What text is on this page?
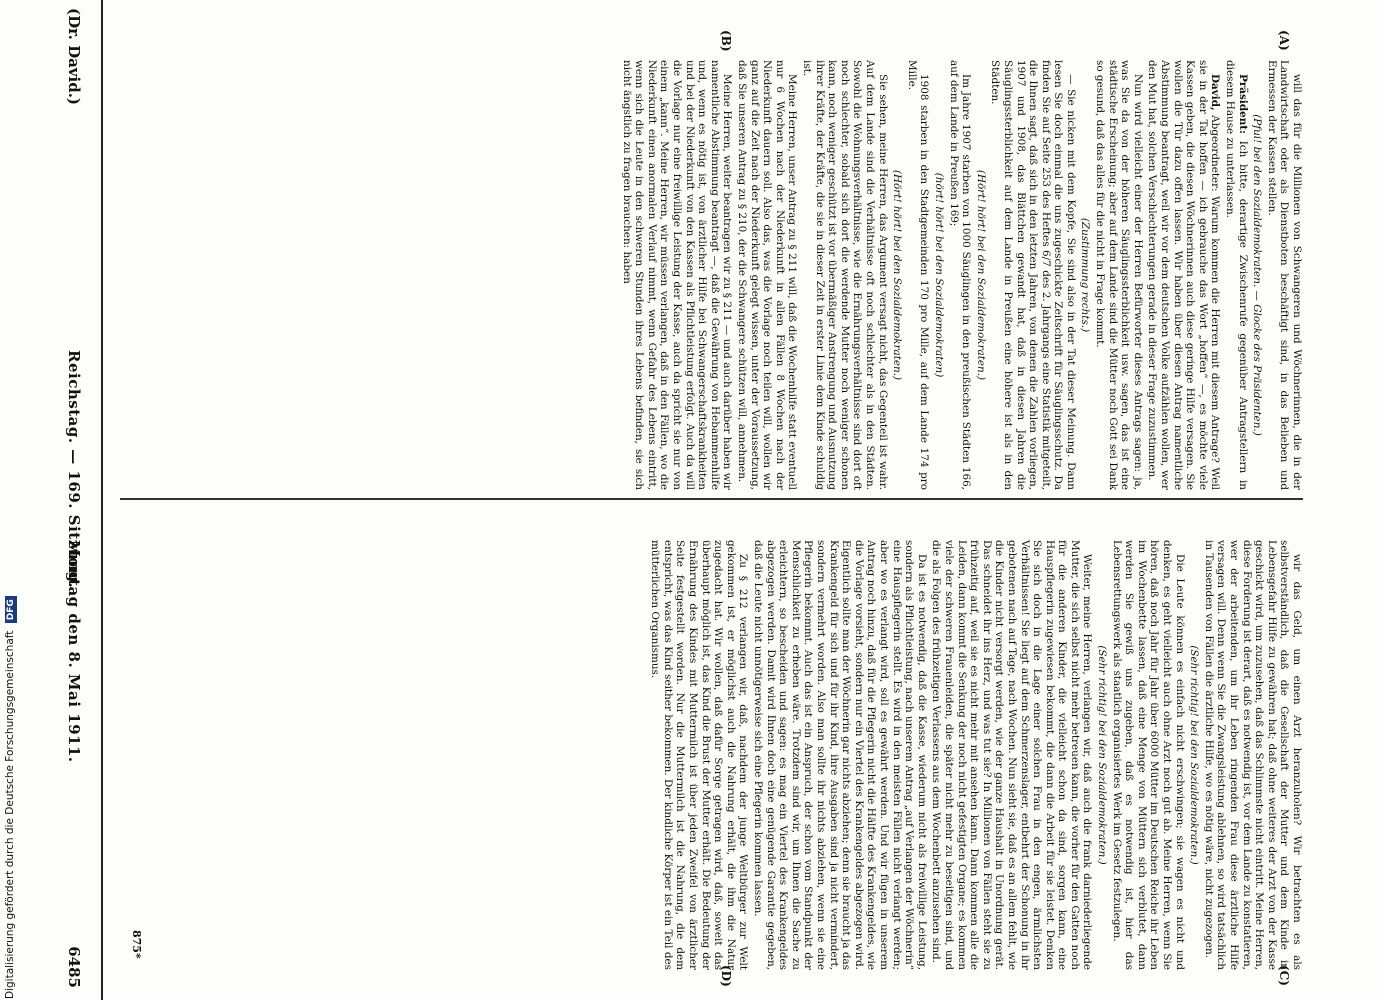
Digitalisierung gefördert durch die Deutsche Forschungsgemeinschaft DFG
(Dr. David.)
Reichstag. — 169. Sitzung.
Montag den 8. Mai 1911.
6485
(A)
(B)
(C)
(D)

will das für die Millionen von Schwangeren und Wöchnerinnen, die in der Landwirtschaft oder als Dienstboten beschäftigt sind, in das Belieben und Ermessen der Kassen stellen.

(Pfui! bei den Sozialdemokraten. — Glocke des Präsidenten.)

Präsident: Ich bitte, derartige Zwischenrufe gegenüber Antragstellern in diesem Hause zu unterlassen.

David, Abgeordneter: Warum kommen die Herren mit diesem Antrage? Weil sie in der Tat hoffen — ich gebrauche das Wort „hoffen“ —, es möchte viele Kassen geben, die diesen Wöchnerinnen auch diese geringe Hilfe versagen. Sie wollen die Tür dazu offen lassen. Wir haben über diesen Antrag namentliche Abstimmung beantragt, weil wir vor dem deutschen Volke aufzählen wollen, wer den Mut hat, solchen Verschlechterungen gerade in dieser Frage zuzustimmen.

Nun wird vielleicht einer der Herren Befürworter dieses Antrags sagen: ja, was Sie da von der höheren Säuglingssterblichkeit usw. sagen, das ist eine städtische Erscheinung; aber auf dem Lande sind die Mütter noch Gott sei Dank so gesund, daß das alles für die nicht in Frage kommt.

(Zustimmung rechts.)

— Sie nicken mit dem Kopfe, Sie sind also in der Tat dieser Meinung. Dann lesen Sie doch einmal die uns zugeschickte Zeitschrift für Säuglingsschutz. Da finden Sie auf Seite 253 des Heftes 6/7 des 2. Jahrgangs eine Statistik mitgeteilt, die Ihnen sagt, daß sich in den letzten Jahren, von denen die Zahlen vorliegen, 1907 und 1908, das Blättchen gewandt hat, daß in diesen Jahren die Säuglingssterblichkeit auf dem Lande in Preußen eine höhere ist als in den Städten.

(Hört! hört! bei den Sozialdemokraten.)

Im Jahre 1907 starben von 1000 Säuglingen in den preußischen Städten 166, auf dem Lande in Preußen 169;

(hört! hört! bei den Sozialdemokraten)

1908 starben in den Stadtgemeinden 170 pro Mille, auf dem Lande 174 pro Mille.

(Hört! hört! bei den Sozialdemokraten.)

Sie sehen, meine Herren, das Argument versagt nicht, das Gegenteil ist wahr. Auf dem Lande sind die Verhältnisse oft noch schlechter als in den Städten. Sowohl die Wohnungsverhältnisse, wie die Ernährungsverhältnisse sind dort oft noch schlechter, sobald sich dort die werdende Mutter noch weniger schonen kann, noch weniger geschützt ist vor übermäßiger Anstrengung und Ausnutzung ihrer Kräfte, der Kräfte, die sie in dieser Zeit in erster Linie dem Kinde schuldig ist.

Meine Herren, unser Antrag zu § 211 will, daß die Wochenhilfe statt eventuell nur 6 Wochen nach der Niederkunft in allen Fällen 8 Wochen nach der Niederkunft dauern soll. Also das, was die Vorlage noch teilen will, wollen wir ganz auf die Zeit nach der Niederkunft gelegt wissen, unter der Voraussetzung, daß Sie unseren Antrag zu § 210, der die Schwangere schützen will, annehmen.

Meine Herren, weiter beantragen wir zu § 211 — und auch darüber haben wir namentliche Abstimmung beantragt —, daß die Gewährung von Hebammenhilfe und, wenn es nötig ist, von ärztlicher Hilfe bei Schwangerschaftskrankheiten und bei der Niederkunft von den Kassen als Pflichtleistung erfolgt. Auch da will die Vorlage nur eine freiwillige Leistung der Kasse, auch da spricht sie nur von einem „kann“. Meine Herren, wir müssen verlangen, daß in den Fällen, wo die Niederkunft einen anormalen Verlauf nimmt, wenn Gefahr des Lebens eintritt, wenn sich die Leute in den schweren Stunden ihres Lebens befinden, sie sich nicht ängstlich zu fragen brauchen: haben

wir das Geld, um einen Arzt heranzuholen? Wir betrachten es als selbstverständlich, daß die Gesellschaft der Mutter und dem Kinde in Lebensgefahr Hilfe zu gewähren hat; daß ohne weiteres der Arzt von der Kasse geschickt wird, um zuzusehen, daß das Schlimmste nicht eintritt. Meine Herren, diese Forderung ist derart, daß es notwendig ist, vor dem Lande zu konstatieren, wer der arbeitenden, um ihr Leben ringenden Frau diese ärztliche Hilfe versagen will. Denn wenn Sie die Zwangsleistung ablehnen, so wird tatsächlich in Tausenden von Fällen die ärztliche Hilfe, wo es nötig wäre, nicht zugezogen.

(Sehr richtig! bei den Sozialdemokraten.)

Die Leute können es einfach nicht erschwingen; sie wagen es nicht und denken, es geht vielleicht auch ohne Arzt noch gut ab. Meine Herren, wenn Sie hören, daß noch Jahr für Jahr über 6000 Mütter im Deutschen Reiche ihr Leben im Wochenbette lassen, daß eine Menge von Müttern sich verblutet, dann werden Sie gewiß uns zugeben, daß es notwendig ist, hier das Lebensrettungswerk als staatlich organisiertes Werk im Gesetz festzulegen.

(Sehr richtig! bei den Sozialdemokraten.)

Weiter, meine Herren, verlangen wir, daß auch die frank darniederliegende Mutter, die sich selbst nicht mehr betreuen kann, die vorher für den Gatten noch für die anderen Kinder, die vielleicht schon da sind, sorgen kann, eine Hauspflegerin zugewiesen bekommt, die dann die Arbeit für sie leistet. Denken Sie sich doch in die Lage einer solchen Frau in den engen, ärmlichsten Verhältnissen! Sie liegt auf dem Schmerzenslager, entbehrt der Schonung in ihr gebotenen nach auf Tage, nach Wochen. Nun sieht sie, daß es an allem fehlt, wie die Kinder nicht versorgt werden, wie der ganze Haushalt in Unordnung gerät. Das schneidet ihr ins Herz, und was tut sie? In Millionen von Fällen steht sie zu frühzeitig auf, weil sie es nicht mehr mit ansehen kann. Dann kommen alle die Leiden, dann kommt die Senkung der noch nicht gefestigten Organe; es kommen viele der schweren Frauenleiden, die später nicht mehr zu beseitigen sind, und die als Folgen des frühzeitigen Verlassens aus dem Wochenbett anzusehen sind.

Da ist es notwendig, daß die Kasse, wiederum nicht als freiwillige Leistung, sondern als Pflichtleistung, nach unserem Antrag „auf Verlangen der Wöchnerin“ eine Hauspflegerin stellt. Es wird in den meisten Fällen nicht verlangt werden; aber wo es verlangt wird, soll es gewährt werden. Und wir fügen in unserem Antrag noch hinzu, daß für die Pflegerin nicht die Hälfte des Krankengeldes, wie die Vorlage vorsieht, sondern nur ein Viertel des Krankengeldes abgezogen wird. Eigentlich sollte man der Wöchnerin gar nichts abziehen; denn sie braucht ja das Krankengeld für sich und für ihr Kind, ihre Ausgaben sind ja nicht vermindert, sondern vermehrt worden. Also man sollte ihr nichts abziehen, wenn sie eine Pflegerin bekommt. Auch das ist ein Anspruch, der schon vom Standpunkt der Menschlichkeit zu erheben wäre. Trotzdem sind wir, um Ihnen die Sache zu erleichtern, so bescheiden und sagen: es mag ein Viertel des Krankengeldes abgezogen werden. Damit wird Ihnen doch eine genügende Garantie gegeben, daß die Leute nicht unnötigerweise sich eine Pflegerin kommen lassen.

Zu § 212 verlangen wir, daß, nachdem der junge Weltbürger zur Welt gekommen ist, er möglichst auch die Nahrung erhält, die ihm die Natur zugedacht hat. Wir wollen, daß dafür Sorge getragen wird, daß, soweit das überhaupt möglich ist, das Kind die Brust der Mutter erhält. Die Bedeutung der Ernährung des Kindes mit Muttermilch ist über jeden Zweifel von ärztlicher Seite festgestellt worden. Nur die Muttermilch ist die Nahrung, die dem entspricht, was das Kind seither bekommen. Der kindliche Körper ist ein Teil des mütterlichen Organismus.

875*
